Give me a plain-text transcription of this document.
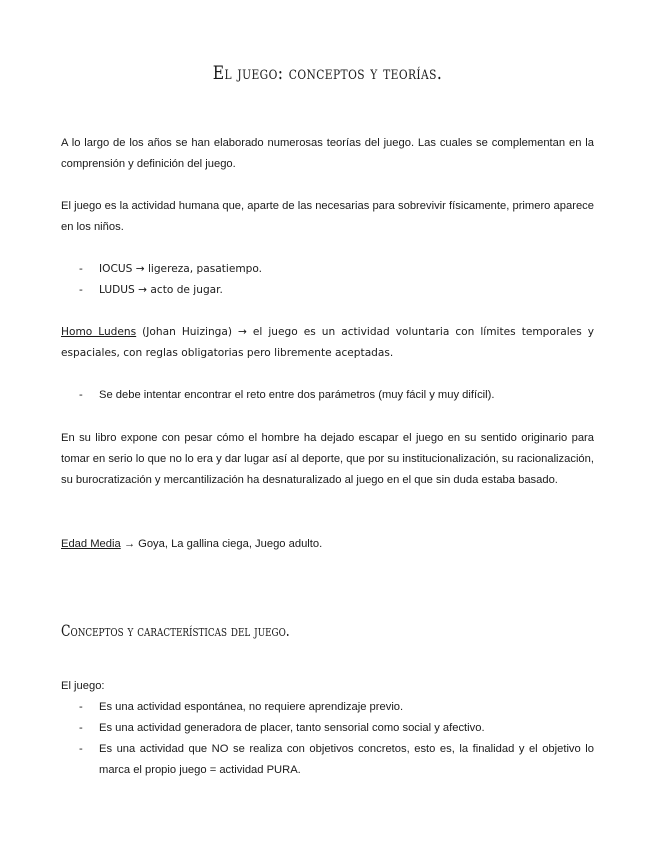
El juego: conceptos y teorías.

A lo largo de los años se han elaborado numerosas teorías del juego. Las cuales se complementan en la comprensión y definición del juego.

El juego es la actividad humana que, aparte de las necesarias para sobrevivir físicamente, primero aparece en los niños.

-	IOCUS → ligereza, pasatiempo.
-	LUDUS → acto de jugar.

Homo Ludens (Johan Huizinga) → el juego es un actividad voluntaria con límites temporales y espaciales, con reglas obligatorias pero libremente aceptadas.

-	Se debe intentar encontrar el reto entre dos parámetros (muy fácil y muy difícil).

En su libro expone con pesar cómo el hombre ha dejado escapar el juego en su sentido originario para tomar en serio lo que no lo era y dar lugar así al deporte, que por su institucionalización, su racionalización, su burocratización y mercantilización ha desnaturalizado al juego en el que sin duda estaba basado.

Edad Media → Goya, La gallina ciega, Juego adulto.

Conceptos y características del juego.

El juego:

-	Es una actividad espontánea, no requiere aprendizaje previo.
-	Es una actividad generadora de placer, tanto sensorial como social y afectivo.
-	Es una actividad que NO se realiza con objetivos concretos, esto es, la finalidad y el objetivo lo marca el propio juego = actividad PURA.
